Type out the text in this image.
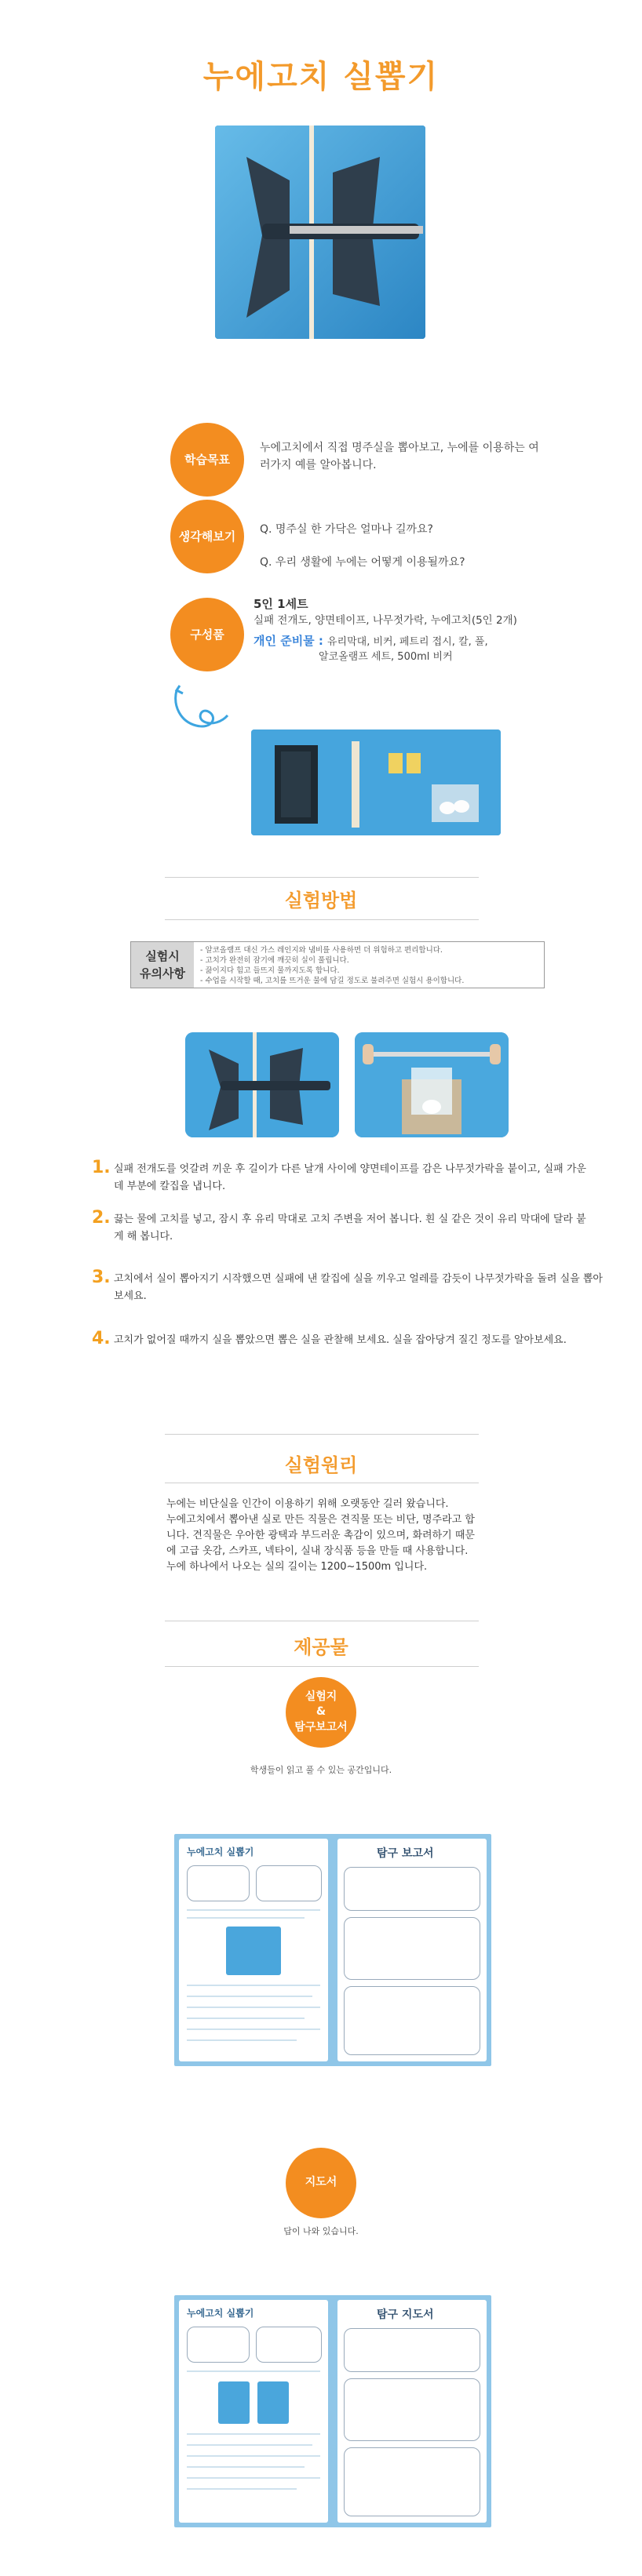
누에고치 실뽑기
학습목표
누에고치에서 직접 명주실을 뽑아보고, 누에를 이용하는 여러가지 예를 알아봅니다.
생각해보기	Q. 명주실 한 가닥은 얼마나 길까요?
Q. 우리 생활에 누에는 어떻게 이용될까요?
구성품
5인 1세트
실패 전개도, 양면테이프, 나무젓가락, 누에고치(5인 2개)
개인 준비물 : 유리막대, 비커, 페트리 접시, 칼, 풀,
알코올램프 세트, 500ml 비커
실험방법
실험시
유의사항
- 알코올램프 대신 가스 레인지와 냄비를 사용하면 더 위험하고 편리합니다.
- 고치가 완전히 잠기에 깨끗히 실이 풀립니다.
- 끓이지다 힘고 들뜨지 물까지도록 합니다.
- 수업을 시작할 때, 고치를 뜨거운 물에 담길 정도로 불려주면 실험시 용이합니다.
1. 실패 전개도를 엇갈려 끼운 후 길이가 다른 날개 사이에 양면테이프를 감은 나무젓가락을 붙이고, 실패 가운데 부분에 칼집을 냅니다.
2. 끓는 물에 고치를 넣고, 잠시 후 유리 막대로 고치 주변을 저어 봅니다. 흰 실 같은 것이 유리 막대에 달라 붙게 해 봅니다.
3. 고치에서 실이 뽑아지기 시작했으면 실패에 낸 칼집에 실을 끼우고 얼레를 감듯이 나무젓가락을 돌려 실을 뽑아 보세요.
4. 고치가 없어질 때까지 실을 뽑았으면 뽑은 실을 관찰해 보세요. 실을 잡아당겨 질긴 정도를 알아보세요.
실험원리
누에는 비단실을 인간이 이용하기 위해 오랫동안 길러 왔습니다.
누에고치에서 뽑아낸 실로 만든 직물은 견직물 또는 비단, 명주라고 합
니다. 견직물은 우아한 광택과 부드러운 촉감이 있으며, 화려하기 때문
에 고급 옷감, 스카프, 넥타이, 실내 장식품 등을 만들 때 사용합니다.
누에 하나에서 나오는 실의 길이는 1200~1500m 입니다.
제공물
실험지
&
탐구보고서
학생들이 읽고 풀 수 있는 공간입니다.
누에고치 실뽑기	탐구 보고서
지도서
답이 나와 있습니다.
누에고치 실뽑기	탐구 지도서
